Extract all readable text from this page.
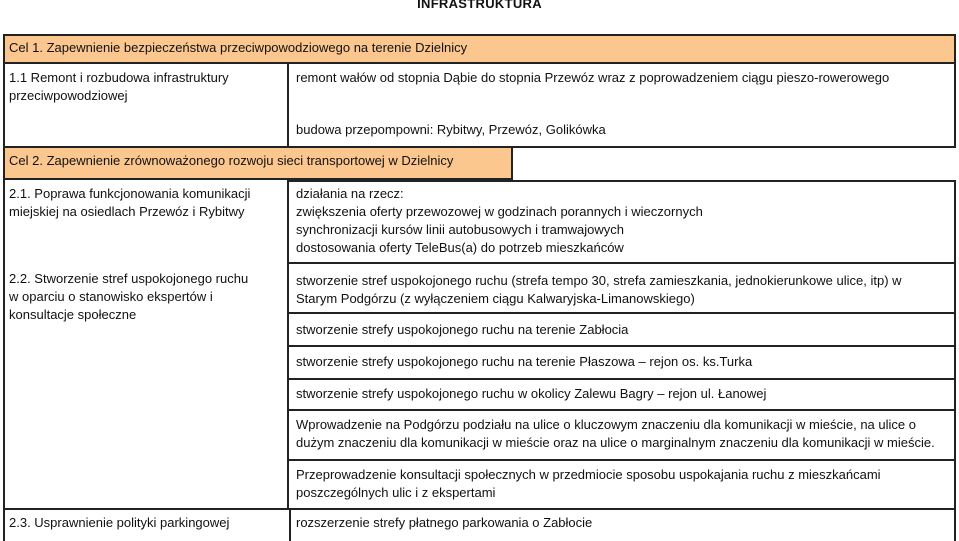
INFRASTRUKTURA
Cel 1. Zapewnienie bezpieczeństwa przeciwpowodziowego na terenie Dzielnicy
1.1 Remont i rozbudowa infrastruktury
przeciwpowodziowej
remont wałów od stopnia Dąbie do stopnia Przewóz wraz z poprowadzeniem ciągu pieszo-rowerowego
budowa przepompowni: Rybitwy, Przewóz, Golikówka
Cel 2. Zapewnienie zrównoważonego rozwoju sieci transportowej w Dzielnicy
2.1. Poprawa funkcjonowania komunikacji
miejskiej na osiedlach Przewóz i Rybitwy
2.2. Stworzenie stref uspokojonego ruchu
w oparciu o stanowisko ekspertów i
konsultacje społeczne
działania na rzecz:
zwiększenia oferty przewozowej w godzinach porannych i wieczornych
synchronizacji kursów linii autobusowych i tramwajowych
dostosowania oferty TeleBus(a) do potrzeb mieszkańców
stworzenie stref uspokojonego ruchu (strefa tempo 30, strefa zamieszkania, jednokierunkowe ulice, itp) w
Starym Podgórzu (z wyłączeniem ciągu Kalwaryjska-Limanowskiego)
stworzenie strefy uspokojonego ruchu na terenie Zabłocia
stworzenie strefy uspokojonego ruchu na terenie Płaszowa – rejon os. ks.Turka
stworzenie strefy uspokojonego ruchu w okolicy Zalewu Bagry – rejon ul. Łanowej
Wprowadzenie na Podgórzu podziału na ulice o kluczowym znaczeniu dla komunikacji w mieście, na ulice o
dużym znaczeniu dla komunikacji w mieście oraz na ulice o marginalnym znaczeniu dla komunikacji w mieście.
Przeprowadzenie konsultacji społecznych w przedmiocie sposobu uspokajania ruchu z mieszkańcami
poszczególnych ulic i z ekspertami
2.3. Usprawnienie polityki parkingowej	rozszerzenie strefy płatnego parkowania o Zabłocie
